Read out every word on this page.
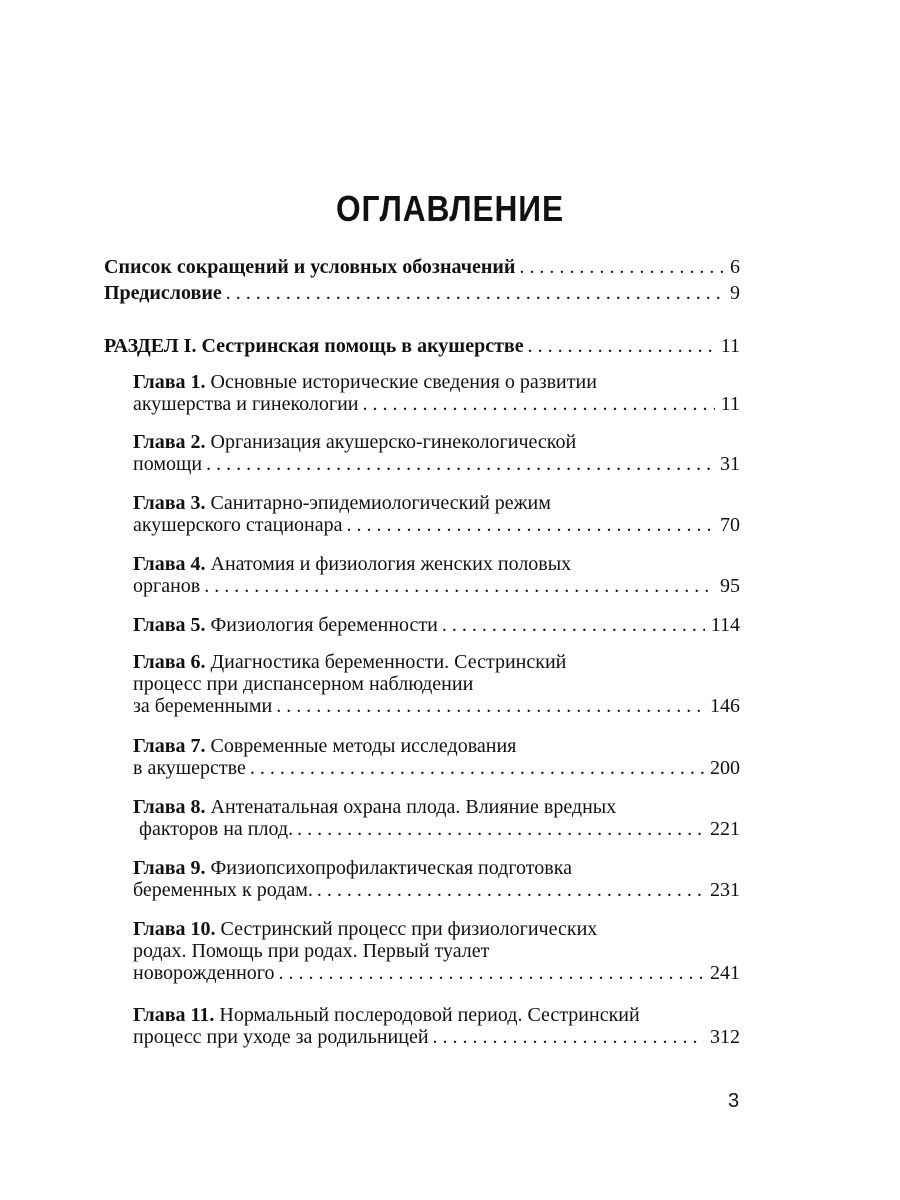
ОГЛАВЛЕНИЕ
Список сокращений и условных обозначений . . .	6
Предисловие . . .	9
РАЗДЕЛ I. Сестринская помощь в акушерстве . . .	11
Глава 1.
Основные исторические сведения о развитии
акушерства и гинекологии . . .	11
Глава 2.
Организация акушерско-гинекологической
помощи . . .	31
Глава 3.
Санитарно-эпидемиологический режим
акушерского стационара . . .	70
Глава 4.
Анатомия и физиология женских половых
органов . . .	95
Глава 5.
Физиология беременности . . .	114
Глава 6.
Диагностика беременности. Сестринский
процесс при диспансерном наблюдении
за беременными . . .	146
Глава 7.
Современные методы исследования
в акушерстве . . .	200
Глава 8.
Антенатальная охрана плода. Влияние вредных
факторов на плод. . . .	221
Глава 9.
Физиопсихопрофилактическая подготовка
беременных к родам. . . .	231
Глава 10.
Сестринский процесс при физиологических
родах. Помощь при родах. Первый туалет
новорожденного . . .	241
Глава 11.
Нормальный послеродовой период. Сестринский
процесс при уходе за родильницей . . .	312
3
